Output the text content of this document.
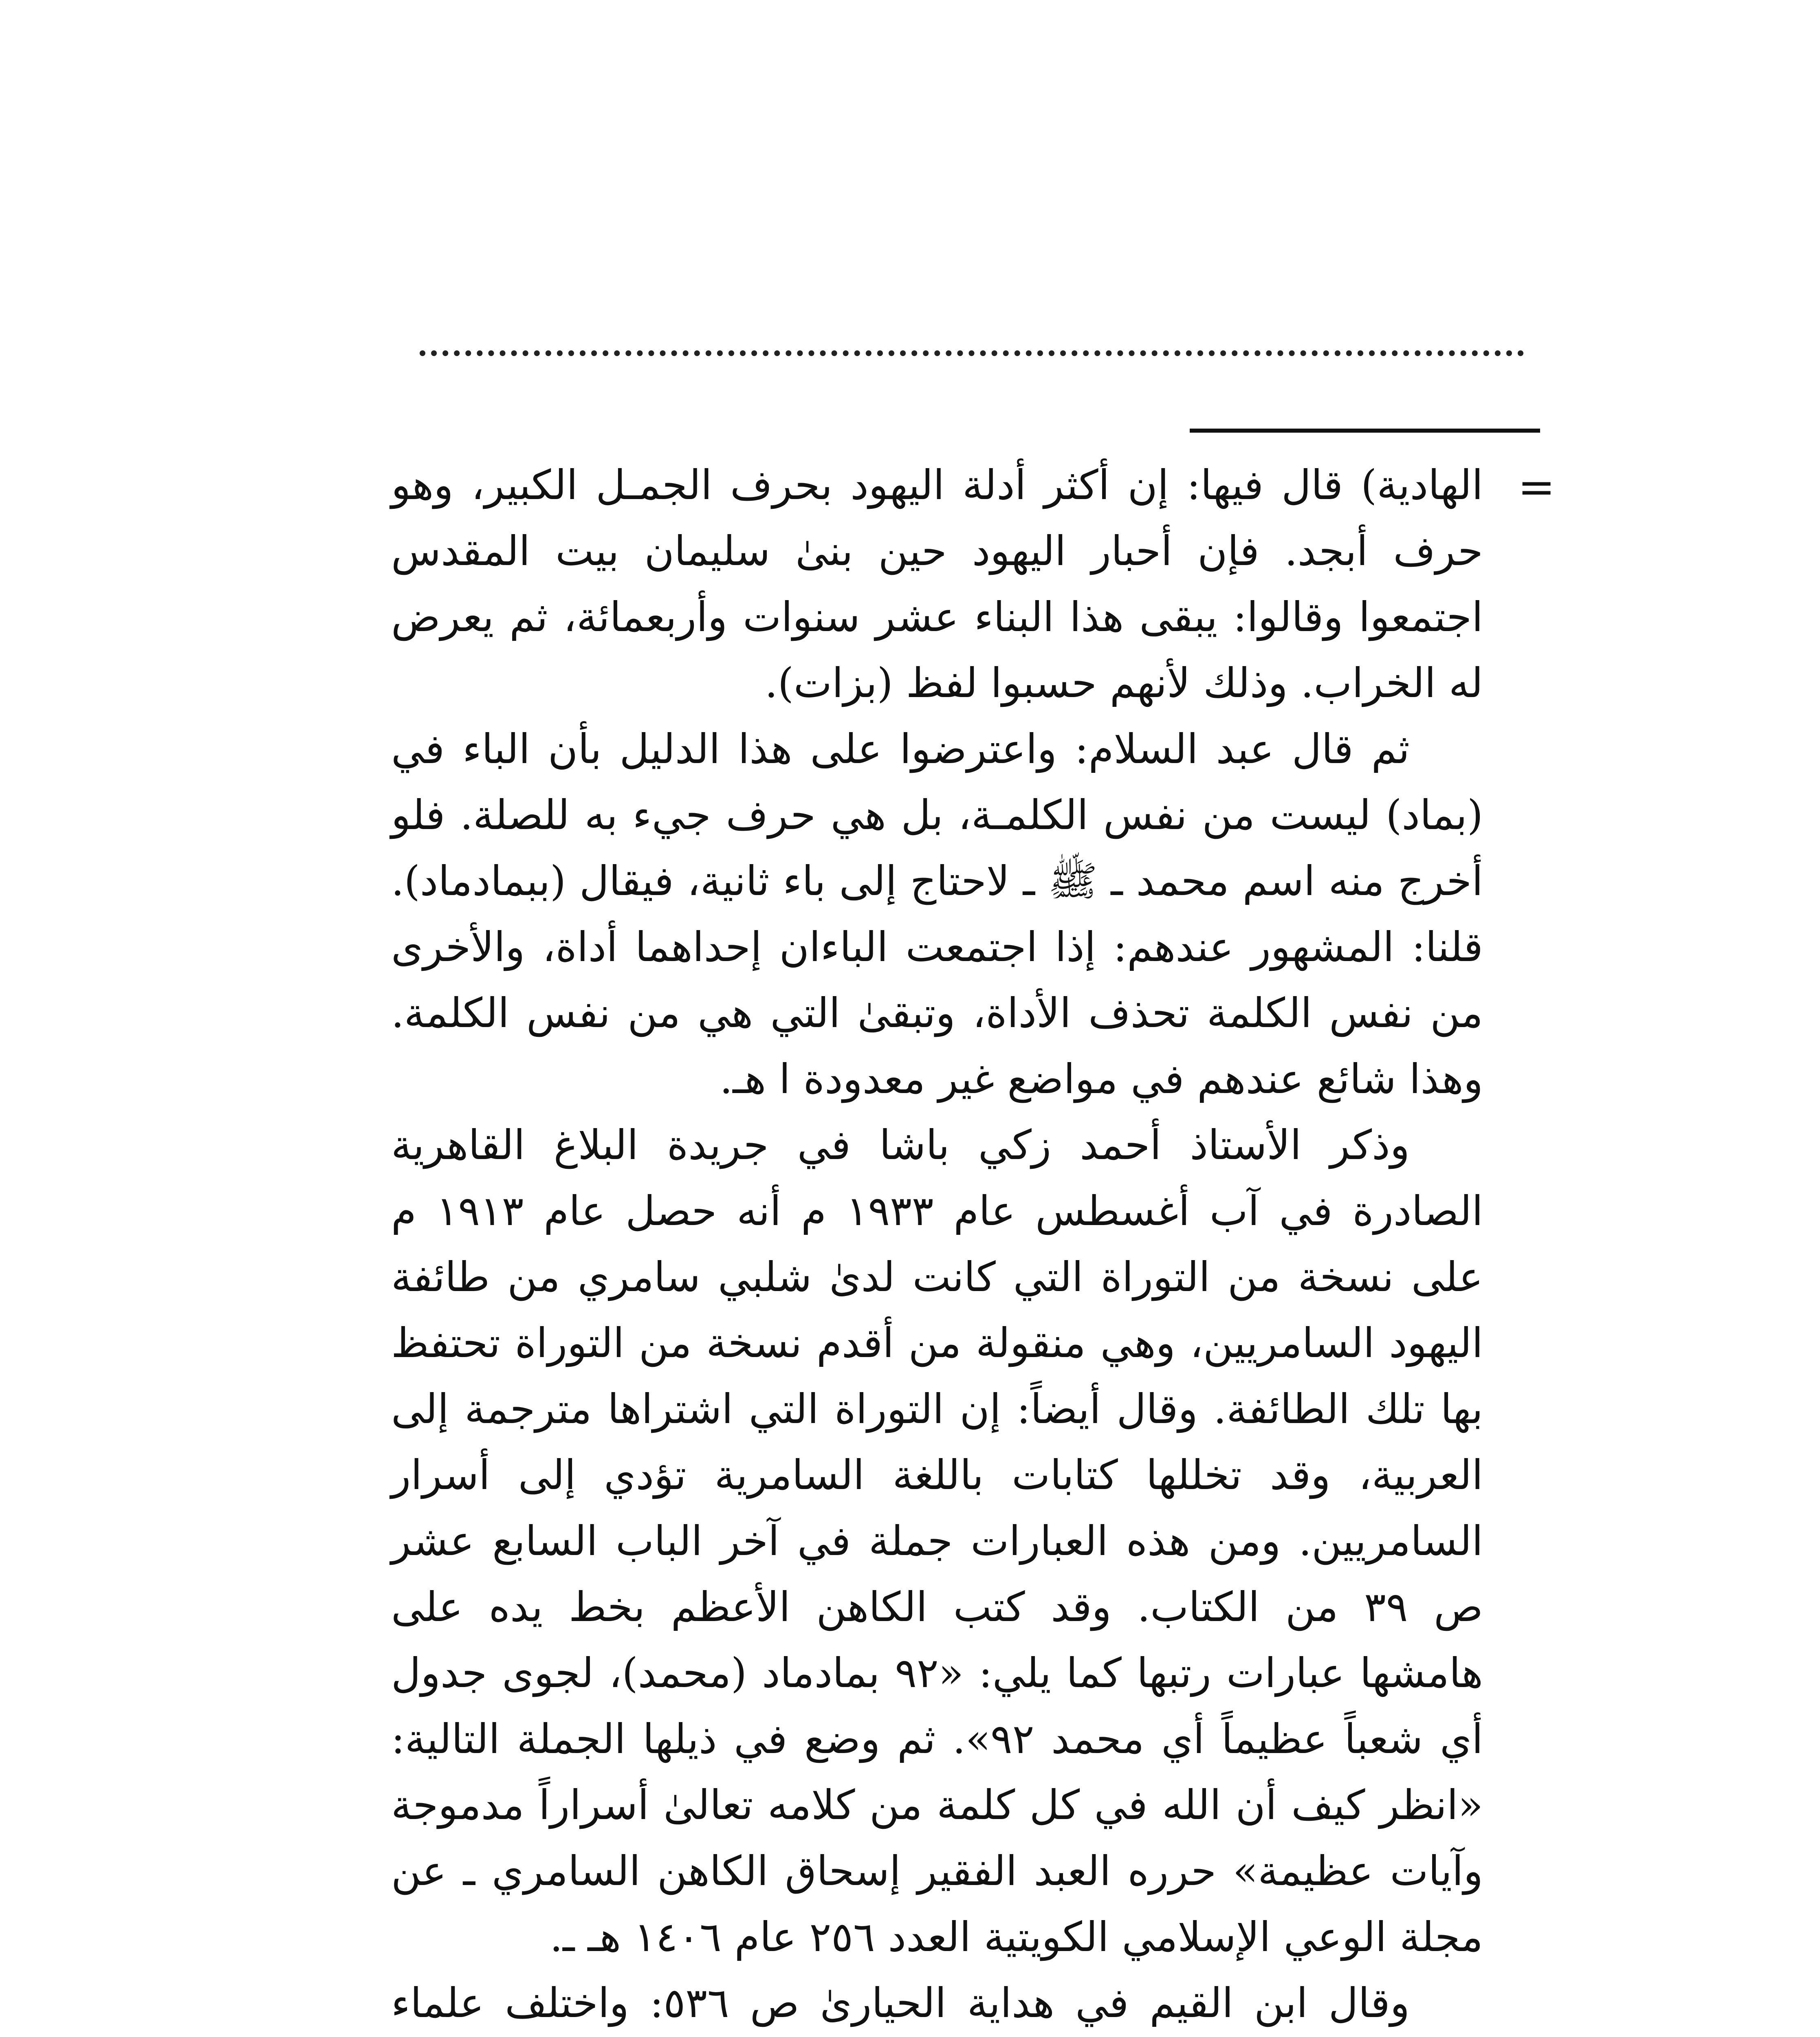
=

الهادية) قال فيها: إن أكثر أدلة اليهود بحرف الجمـل الكبير، وهو حرف أبجد. فإن أحبار اليهود حين بنىٰ سليمان بيت المقدس اجتمعوا وقالوا: يبقى هذا البناء عشر سنوات وأربعمائة، ثم يعرض له الخراب. وذلك لأنهم حسبوا لفظ (بزات).

ثم قال عبد السلام: واعترضوا على هذا الدليل بأن الباء في (بماد) ليست من نفس الكلمـة، بل هي حرف جيء به للصلة. فلو أخرج منه اسم محمد ـ ﷺ ـ لاحتاج إلى باء ثانية، فيقال (ببمادماد). قلنا: المشهور عندهم: إذا اجتمعت الباءان إحداهما أداة، والأخرى من نفس الكلمة تحذف الأداة، وتبقىٰ التي هي من نفس الكلمة. وهذا شائع عندهم في مواضع غير معدودة ا هـ.

وذكر الأستاذ أحمد زكي باشا في جريدة البلاغ القاهرية الصادرة في آب أغسطس عام ١٩٣٣ م أنه حصل عام ١٩١٣ م على نسخة من التوراة التي كانت لدىٰ شلبي سامري من طائفة اليهود السامريين، وهي منقولة من أقدم نسخة من التوراة تحتفظ بها تلك الطائفة. وقال أيضاً: إن التوراة التي اشتراها مترجمة إلى العربية، وقد تخللها كتابات باللغة السامرية تؤدي إلى أسرار السامريين. ومن هذه العبارات جملة في آخر الباب السابع عشر ص ٣٩ من الكتاب. وقد كتب الكاهن الأعظم بخط يده على هامشها عبارات رتبها كما يلي: «٩٢ بمادماد (محمد)، لجوى جدول أي شعباً عظيماً أي محمد ٩٢». ثم وضع في ذيلها الجملة التالية: «انظر كيف أن الله في كل كلمة من كلامه تعالىٰ أسراراً مدموجة وآيات عظيمة» حرره العبد الفقير إسحاق الكاهن السامري ـ عن مجلة الوعي الإسلامي الكويتية العدد ٢٥٦ عام ١٤٠٦ هـ ـ.

وقال ابن القيم في هداية الحيارىٰ ص ٥٣٦: واختلف علماء
